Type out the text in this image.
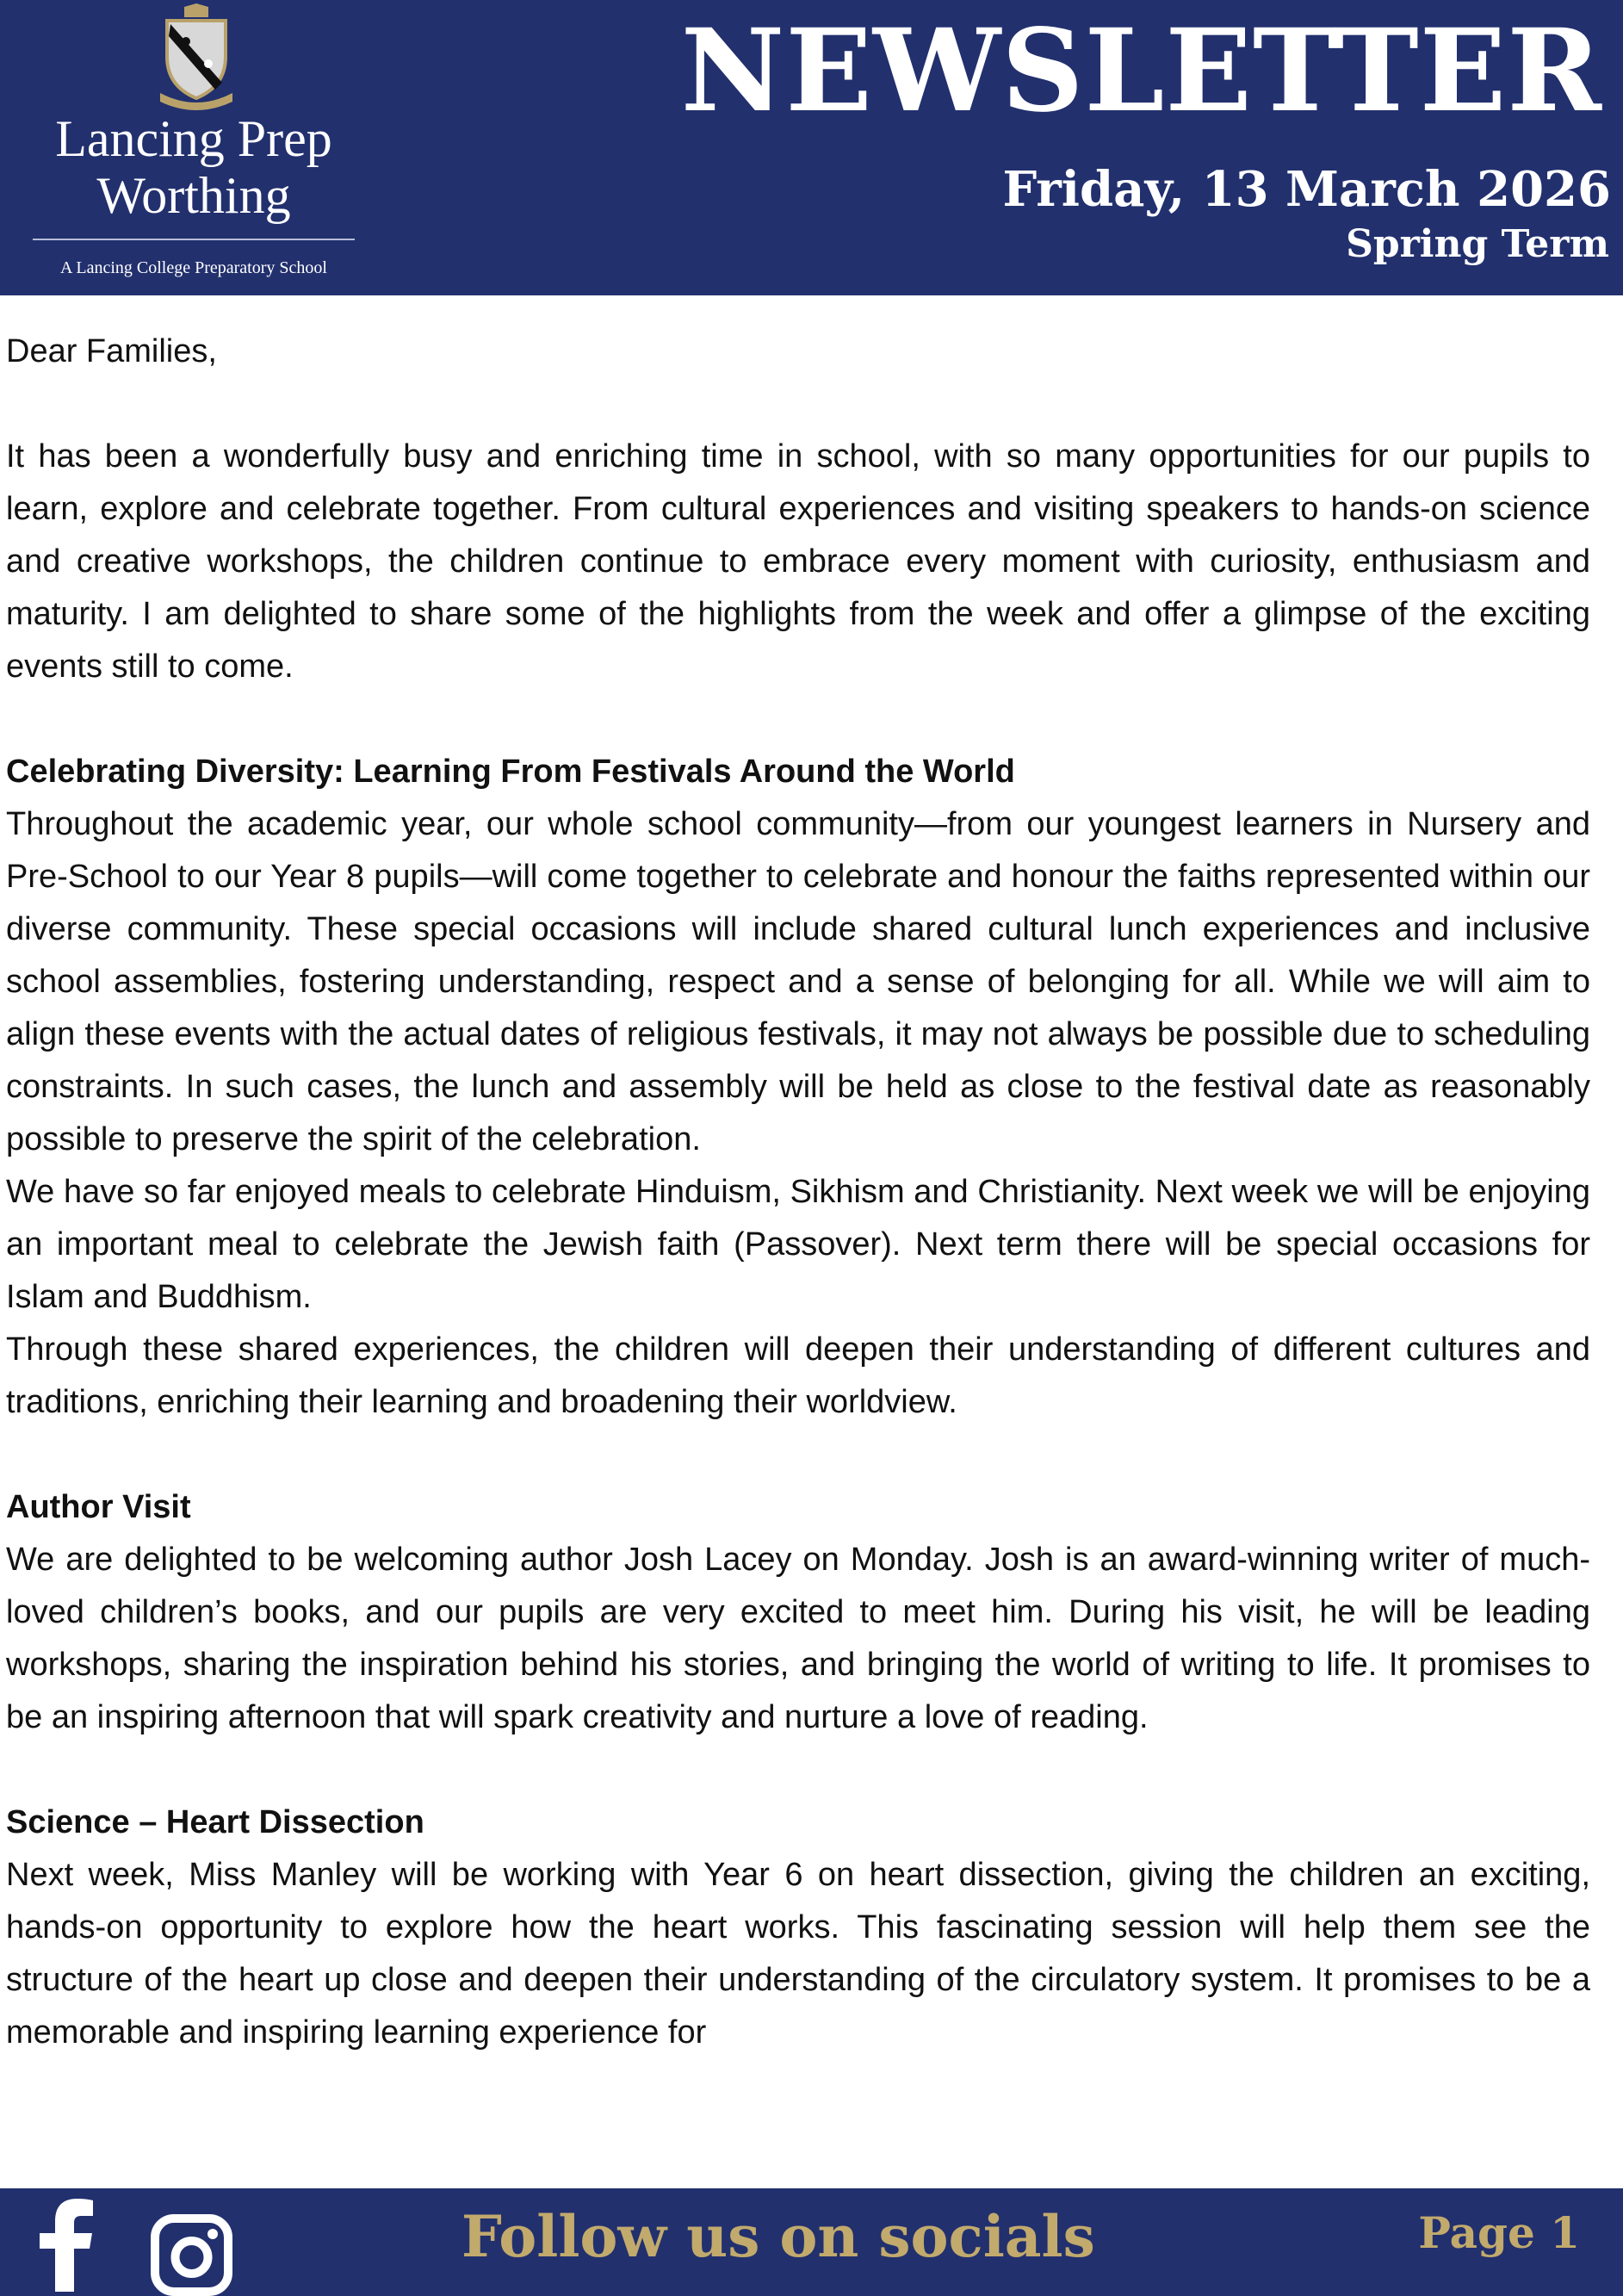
Lancing Prep Worthing
A Lancing College Preparatory School
NEWSLETTER
Friday, 13 March 2026
Spring Term

Dear Families,

It has been a wonderfully busy and enriching time in school, with so many opportunities for our pupils to learn, explore and celebrate together. From cultural experiences and visiting speakers to hands-on science and creative workshops, the children continue to embrace every moment with curiosity, enthusiasm and maturity. I am delighted to share some of the highlights from the week and offer a glimpse of the exciting events still to come.

Celebrating Diversity: Learning From Festivals Around the World

Throughout the academic year, our whole school community—from our youngest learners in Nursery and Pre-School to our Year 8 pupils—will come together to celebrate and honour the faiths represented within our diverse community. These special occasions will include shared cultural lunch experiences and inclusive school assemblies, fostering understanding, respect and a sense of belonging for all. While we will aim to align these events with the actual dates of religious festivals, it may not always be possible due to scheduling constraints. In such cases, the lunch and assembly will be held as close to the festival date as reasonably possible to preserve the spirit of the celebration.

We have so far enjoyed meals to celebrate Hinduism, Sikhism and Christianity. Next week we will be enjoying an important meal to celebrate the Jewish faith (Passover). Next term there will be special occasions for Islam and Buddhism.

Through these shared experiences, the children will deepen their understanding of different cultures and traditions, enriching their learning and broadening their worldview.

Author Visit

We are delighted to be welcoming author Josh Lacey on Monday. Josh is an award-winning writer of much-loved children’s books, and our pupils are very excited to meet him. During his visit, he will be leading workshops, sharing the inspiration behind his stories, and bringing the world of writing to life. It promises to be an inspiring afternoon that will spark creativity and nurture a love of reading.

Science – Heart Dissection

Next week, Miss Manley will be working with Year 6 on heart dissection, giving the children an exciting, hands-on opportunity to explore how the heart works. This fascinating session will help them see the structure of the heart up close and deepen their understanding of the circulatory system. It promises to be a memorable and inspiring learning experience for

Follow us on socials	Page 1
